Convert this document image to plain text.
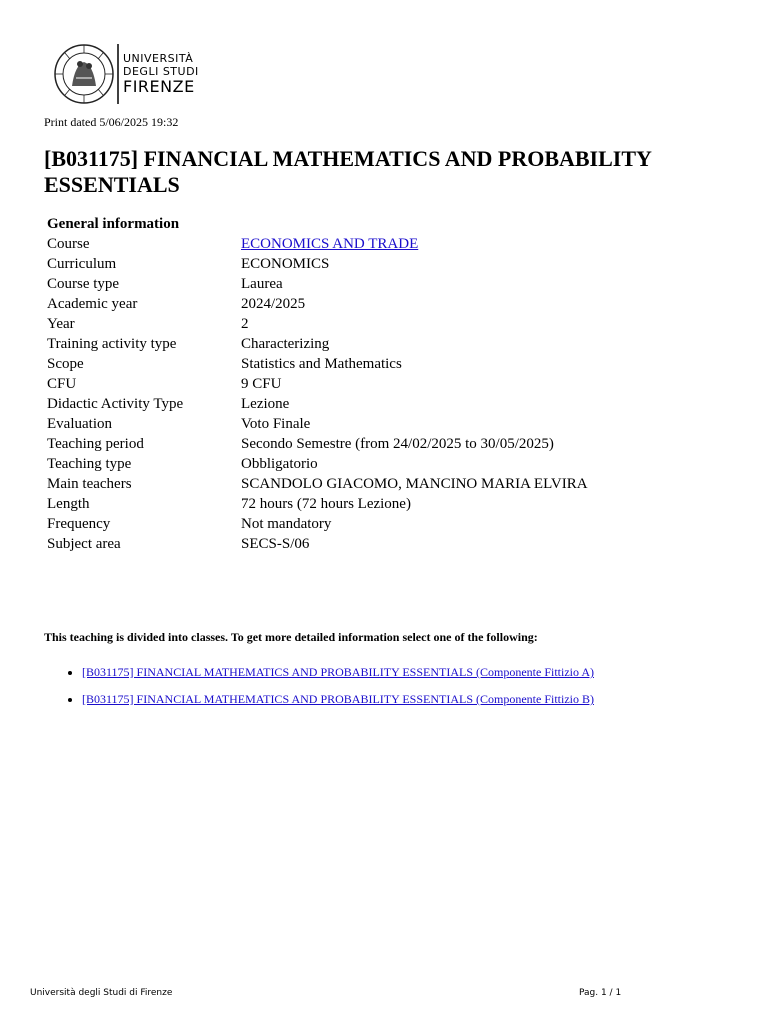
UNIVERSITÀ
DEGLI STUDI
FIRENZE
Print dated 5/06/2025 19:32
[B031175] FINANCIAL MATHEMATICS AND PROBABILITY ESSENTIALS
General information	
Course	ECONOMICS AND TRADE
Curriculum	ECONOMICS
Course type	Laurea
Academic year	2024/2025
Year	2
Training activity type	Characterizing
Scope	Statistics and Mathematics
CFU	9 CFU
Didactic Activity Type	Lezione
Evaluation	Voto Finale
Teaching period	Secondo Semestre (from 24/02/2025 to 30/05/2025)
Teaching type	Obbligatorio
Main teachers	SCANDOLO GIACOMO, MANCINO MARIA ELVIRA
Length	72 hours (72 hours Lezione)
Frequency	Not mandatory
Subject area	SECS-S/06
This teaching is divided into classes. To get more detailed information select one of the following:
• [B031175] FINANCIAL MATHEMATICS AND PROBABILITY ESSENTIALS (Componente Fittizio A)
• [B031175] FINANCIAL MATHEMATICS AND PROBABILITY ESSENTIALS (Componente Fittizio B)
Università degli Studi di Firenze	Pag. 1 / 1
